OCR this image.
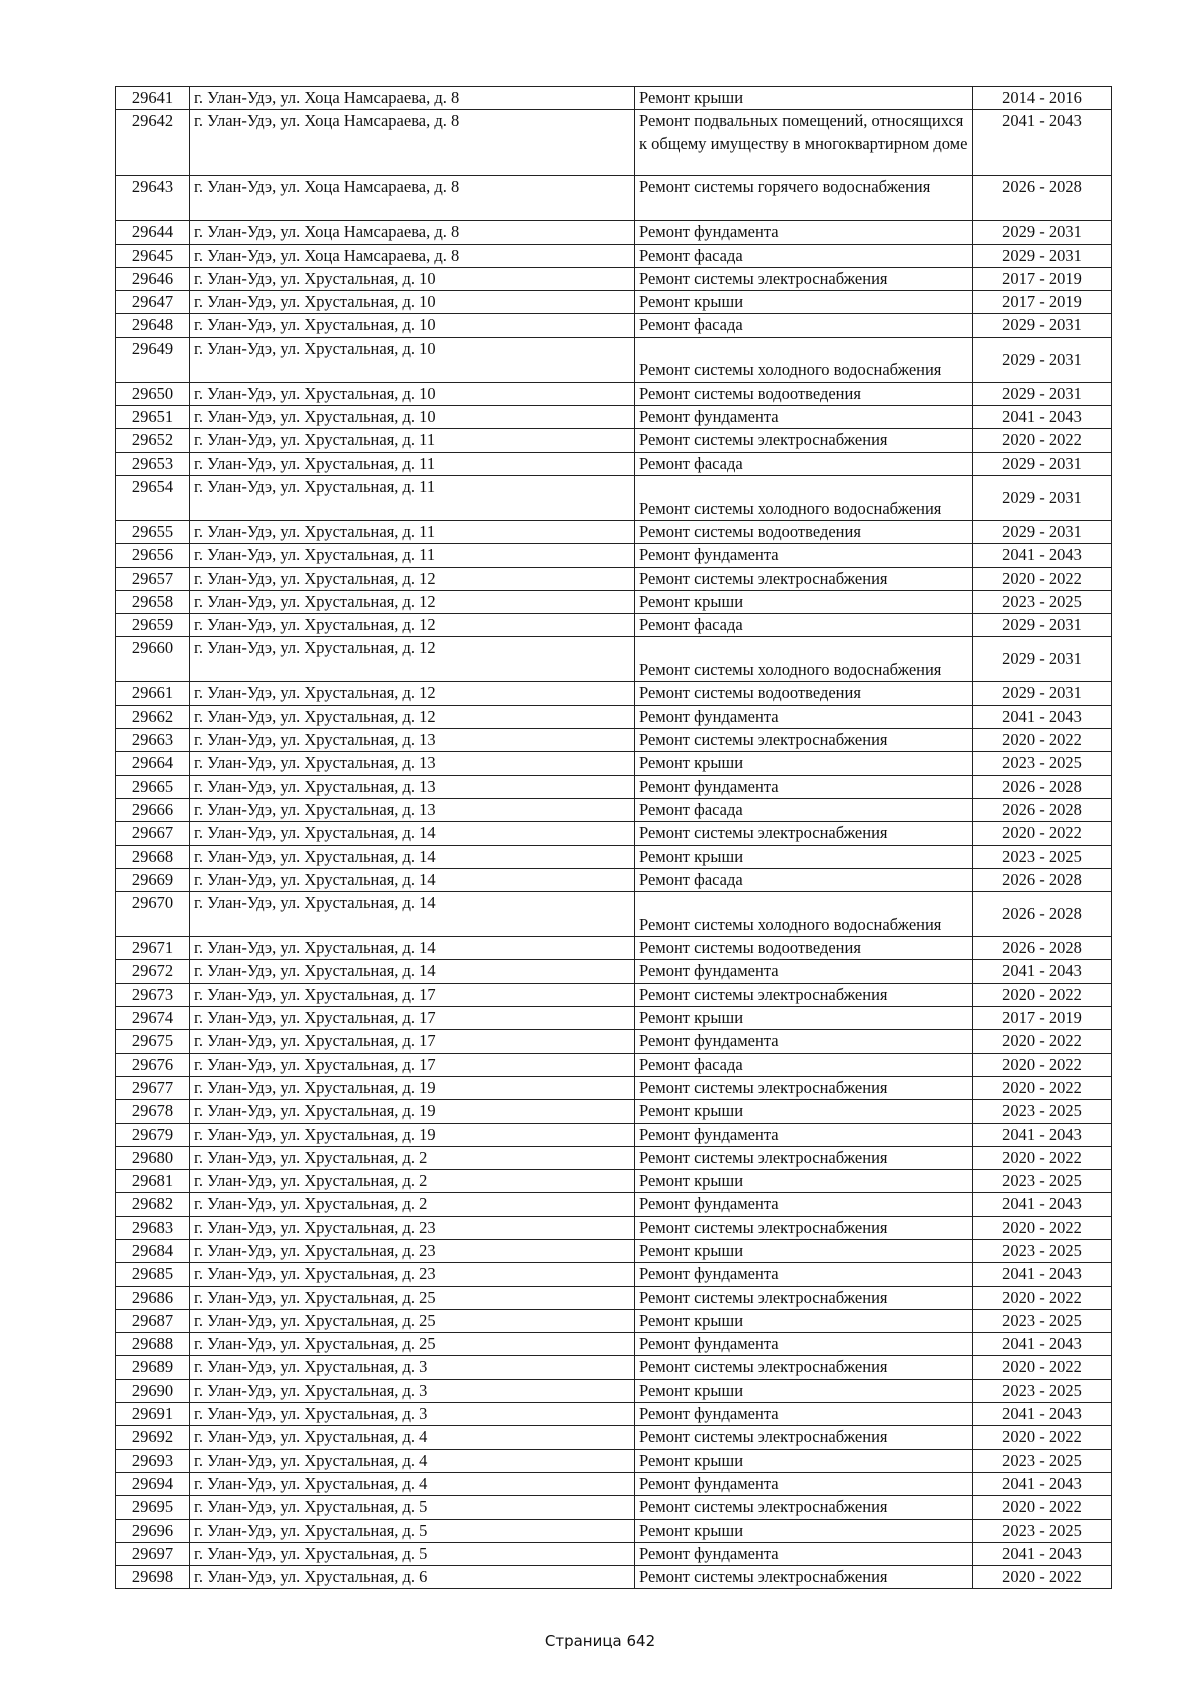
29641	г. Улан-Удэ, ул. Хоца Намсараева, д. 8	Ремонт крыши	2014 - 2016
29642	г. Улан-Удэ, ул. Хоца Намсараева, д. 8	Ремонт подвальных помещений, относящихся к общему имуществу в многоквартирном доме	2041 - 2043
29643	г. Улан-Удэ, ул. Хоца Намсараева, д. 8	Ремонт системы горячего водоснабжения	2026 - 2028
29644	г. Улан-Удэ, ул. Хоца Намсараева, д. 8	Ремонт фундамента	2029 - 2031
29645	г. Улан-Удэ, ул. Хоца Намсараева, д. 8	Ремонт фасада	2029 - 2031
29646	г. Улан-Удэ, ул. Хрустальная, д. 10	Ремонт системы электроснабжения	2017 - 2019
29647	г. Улан-Удэ, ул. Хрустальная, д. 10	Ремонт крыши	2017 - 2019
29648	г. Улан-Удэ, ул. Хрустальная, д. 10	Ремонт фасада	2029 - 2031
29649	г. Улан-Удэ, ул. Хрустальная, д. 10	Ремонт системы холодного водоснабжения	2029 - 2031
29650	г. Улан-Удэ, ул. Хрустальная, д. 10	Ремонт системы водоотведения	2029 - 2031
29651	г. Улан-Удэ, ул. Хрустальная, д. 10	Ремонт фундамента	2041 - 2043
29652	г. Улан-Удэ, ул. Хрустальная, д. 11	Ремонт системы электроснабжения	2020 - 2022
29653	г. Улан-Удэ, ул. Хрустальная, д. 11	Ремонт фасада	2029 - 2031
29654	г. Улан-Удэ, ул. Хрустальная, д. 11	Ремонт системы холодного водоснабжения	2029 - 2031
29655	г. Улан-Удэ, ул. Хрустальная, д. 11	Ремонт системы водоотведения	2029 - 2031
29656	г. Улан-Удэ, ул. Хрустальная, д. 11	Ремонт фундамента	2041 - 2043
29657	г. Улан-Удэ, ул. Хрустальная, д. 12	Ремонт системы электроснабжения	2020 - 2022
29658	г. Улан-Удэ, ул. Хрустальная, д. 12	Ремонт крыши	2023 - 2025
29659	г. Улан-Удэ, ул. Хрустальная, д. 12	Ремонт фасада	2029 - 2031
29660	г. Улан-Удэ, ул. Хрустальная, д. 12	Ремонт системы холодного водоснабжения	2029 - 2031
29661	г. Улан-Удэ, ул. Хрустальная, д. 12	Ремонт системы водоотведения	2029 - 2031
29662	г. Улан-Удэ, ул. Хрустальная, д. 12	Ремонт фундамента	2041 - 2043
29663	г. Улан-Удэ, ул. Хрустальная, д. 13	Ремонт системы электроснабжения	2020 - 2022
29664	г. Улан-Удэ, ул. Хрустальная, д. 13	Ремонт крыши	2023 - 2025
29665	г. Улан-Удэ, ул. Хрустальная, д. 13	Ремонт фундамента	2026 - 2028
29666	г. Улан-Удэ, ул. Хрустальная, д. 13	Ремонт фасада	2026 - 2028
29667	г. Улан-Удэ, ул. Хрустальная, д. 14	Ремонт системы электроснабжения	2020 - 2022
29668	г. Улан-Удэ, ул. Хрустальная, д. 14	Ремонт крыши	2023 - 2025
29669	г. Улан-Удэ, ул. Хрустальная, д. 14	Ремонт фасада	2026 - 2028
29670	г. Улан-Удэ, ул. Хрустальная, д. 14	Ремонт системы холодного водоснабжения	2026 - 2028
29671	г. Улан-Удэ, ул. Хрустальная, д. 14	Ремонт системы водоотведения	2026 - 2028
29672	г. Улан-Удэ, ул. Хрустальная, д. 14	Ремонт фундамента	2041 - 2043
29673	г. Улан-Удэ, ул. Хрустальная, д. 17	Ремонт системы электроснабжения	2020 - 2022
29674	г. Улан-Удэ, ул. Хрустальная, д. 17	Ремонт крыши	2017 - 2019
29675	г. Улан-Удэ, ул. Хрустальная, д. 17	Ремонт фундамента	2020 - 2022
29676	г. Улан-Удэ, ул. Хрустальная, д. 17	Ремонт фасада	2020 - 2022
29677	г. Улан-Удэ, ул. Хрустальная, д. 19	Ремонт системы электроснабжения	2020 - 2022
29678	г. Улан-Удэ, ул. Хрустальная, д. 19	Ремонт крыши	2023 - 2025
29679	г. Улан-Удэ, ул. Хрустальная, д. 19	Ремонт фундамента	2041 - 2043
29680	г. Улан-Удэ, ул. Хрустальная, д. 2	Ремонт системы электроснабжения	2020 - 2022
29681	г. Улан-Удэ, ул. Хрустальная, д. 2	Ремонт крыши	2023 - 2025
29682	г. Улан-Удэ, ул. Хрустальная, д. 2	Ремонт фундамента	2041 - 2043
29683	г. Улан-Удэ, ул. Хрустальная, д. 23	Ремонт системы электроснабжения	2020 - 2022
29684	г. Улан-Удэ, ул. Хрустальная, д. 23	Ремонт крыши	2023 - 2025
29685	г. Улан-Удэ, ул. Хрустальная, д. 23	Ремонт фундамента	2041 - 2043
29686	г. Улан-Удэ, ул. Хрустальная, д. 25	Ремонт системы электроснабжения	2020 - 2022
29687	г. Улан-Удэ, ул. Хрустальная, д. 25	Ремонт крыши	2023 - 2025
29688	г. Улан-Удэ, ул. Хрустальная, д. 25	Ремонт фундамента	2041 - 2043
29689	г. Улан-Удэ, ул. Хрустальная, д. 3	Ремонт системы электроснабжения	2020 - 2022
29690	г. Улан-Удэ, ул. Хрустальная, д. 3	Ремонт крыши	2023 - 2025
29691	г. Улан-Удэ, ул. Хрустальная, д. 3	Ремонт фундамента	2041 - 2043
29692	г. Улан-Удэ, ул. Хрустальная, д. 4	Ремонт системы электроснабжения	2020 - 2022
29693	г. Улан-Удэ, ул. Хрустальная, д. 4	Ремонт крыши	2023 - 2025
29694	г. Улан-Удэ, ул. Хрустальная, д. 4	Ремонт фундамента	2041 - 2043
29695	г. Улан-Удэ, ул. Хрустальная, д. 5	Ремонт системы электроснабжения	2020 - 2022
29696	г. Улан-Удэ, ул. Хрустальная, д. 5	Ремонт крыши	2023 - 2025
29697	г. Улан-Удэ, ул. Хрустальная, д. 5	Ремонт фундамента	2041 - 2043
29698	г. Улан-Удэ, ул. Хрустальная, д. 6	Ремонт системы электроснабжения	2020 - 2022
Страница 642
